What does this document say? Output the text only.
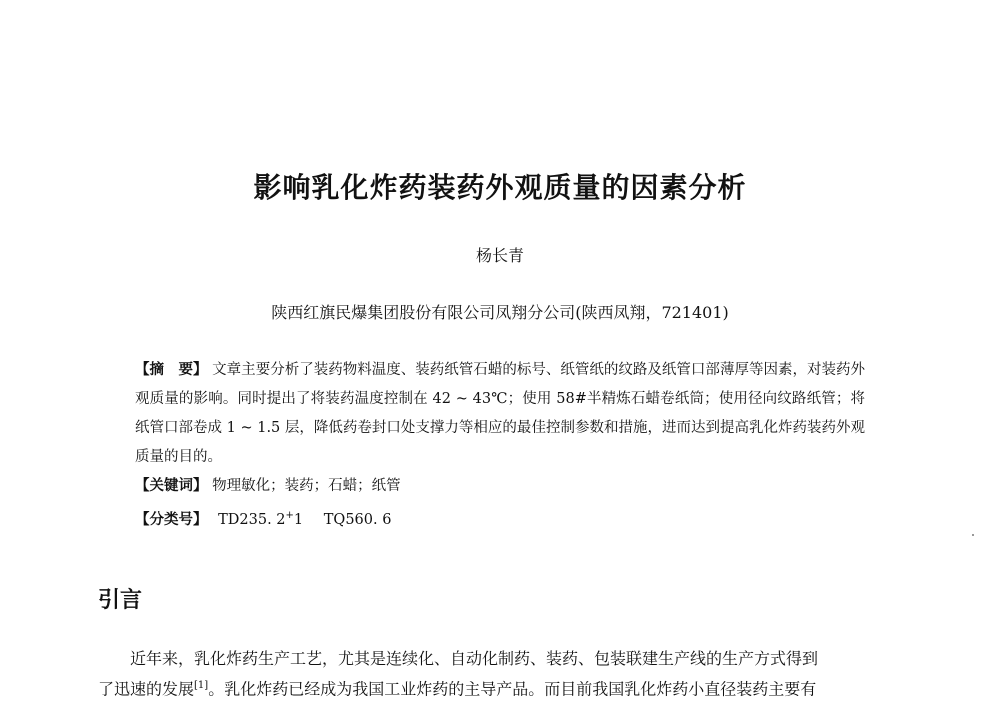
影响乳化炸药装药外观质量的因素分析
杨长青
陕西红旗民爆集团股份有限公司凤翔分公司(陕西凤翔，721401)
【摘　要】 文章主要分析了装药物料温度、装药纸管石蜡的标号、纸管纸的纹路及纸管口部薄厚等因素，对装药外观质量的影响。同时提出了将装药温度控制在 42 ~ 43℃；使用 58#半精炼石蜡卷纸筒；使用径向纹路纸管；将纸管口部卷成 1 ~ 1.5 层，降低药卷封口处支撑力等相应的最佳控制参数和措施，进而达到提高乳化炸药装药外观质量的目的。
【关键词】 物理敏化；装药；石蜡；纸管
【分类号】 TD235. 2+1 TQ560. 6
引言
近年来，乳化炸药生产工艺，尤其是连续化、自动化制药、装药、包装联建生产线的生产方式得到
了迅速的发展[1]。乳化炸药已经成为我国工业炸药的主导产品。而目前我国乳化炸药小直径装药主要有
